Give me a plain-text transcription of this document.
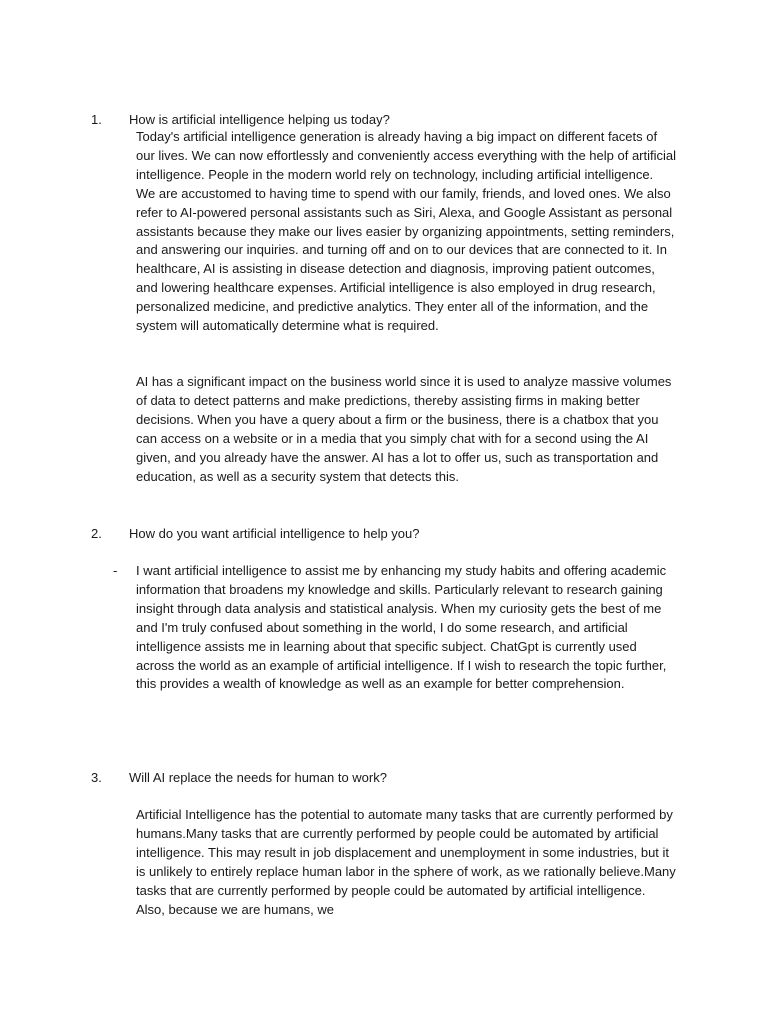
1. How is artificial intelligence helping us today?

Today's artificial intelligence generation is already having a big impact on different facets of our lives. We can now effortlessly and conveniently access everything with the help of artificial intelligence. People in the modern world rely on technology, including artificial intelligence. We are accustomed to having time to spend with our family, friends, and loved ones. We also refer to AI-powered personal assistants such as Siri, Alexa, and Google Assistant as personal assistants because they make our lives easier by organizing appointments, setting reminders, and answering our inquiries. and turning off and on to our devices that are connected to it. In healthcare, AI is assisting in disease detection and diagnosis, improving patient outcomes, and lowering healthcare expenses. Artificial intelligence is also employed in drug research, personalized medicine, and predictive analytics. They enter all of the information, and the system will automatically determine what is required.

AI has a significant impact on the business world since it is used to analyze massive volumes of data to detect patterns and make predictions, thereby assisting firms in making better decisions. When you have a query about a firm or the business, there is a chatbox that you can access on a website or in a media that you simply chat with for a second using the AI given, and you already have the answer. AI has a lot to offer us, such as transportation and education, as well as a security system that detects this.

2. How do you want artificial intelligence to help you?
- I want artificial intelligence to assist me by enhancing my study habits and offering academic information that broadens my knowledge and skills. Particularly relevant to research gaining insight through data analysis and statistical analysis. When my curiosity gets the best of me and I'm truly confused about something in the world, I do some research, and artificial intelligence assists me in learning about that specific subject. ChatGpt is currently used across the world as an example of artificial intelligence. If I wish to research the topic further, this provides a wealth of knowledge as well as an example for better comprehension.

3. Will AI replace the needs for human to work?

Artificial Intelligence has the potential to automate many tasks that are currently performed by humans.Many tasks that are currently performed by people could be automated by artificial intelligence. This may result in job displacement and unemployment in some industries, but it is unlikely to entirely replace human labor in the sphere of work, as we rationally believe.Many tasks that are currently performed by people could be automated by artificial intelligence. Also, because we are humans, we
